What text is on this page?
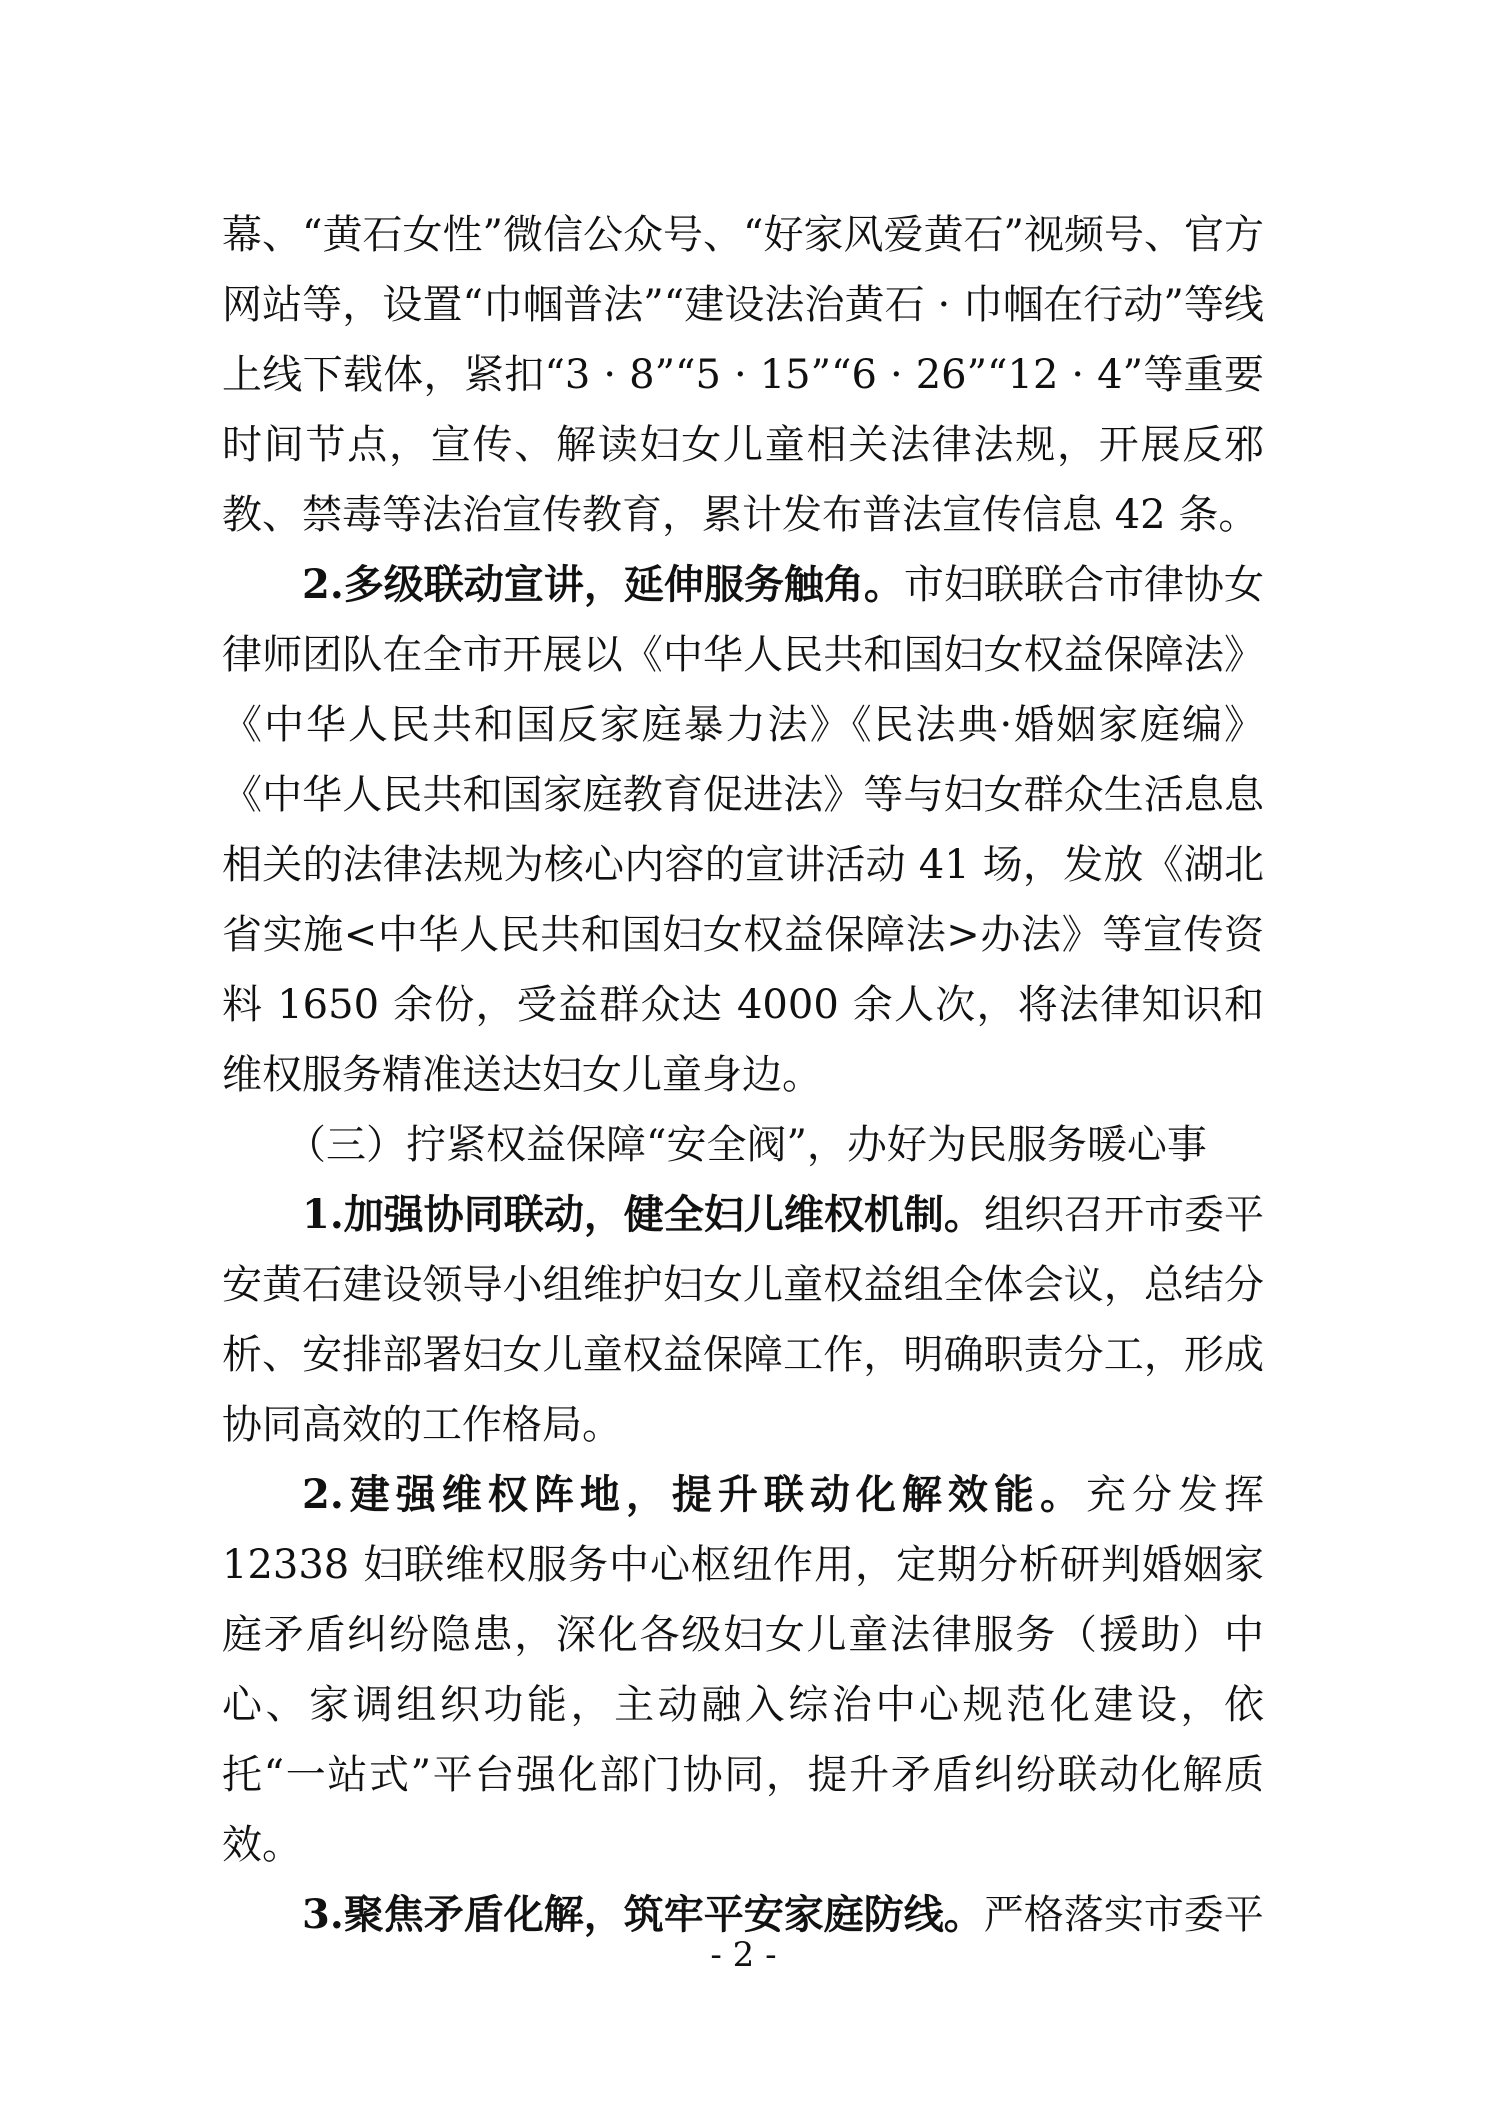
幕、“黄石女性”微信公众号、“好家风爱黄石”视频号、官方网站等，设置“巾帼普法”“建设法治黄石 · 巾帼在行动”等线上线下载体，紧扣“3 · 8”“5 · 15”“6 · 26”“12 · 4”等重要时间节点，宣传、解读妇女儿童相关法律法规，开展反邪教、禁毒等法治宣传教育，累计发布普法宣传信息 42 条。

2.多级联动宣讲，延伸服务触角。市妇联联合市律协女律师团队在全市开展以《中华人民共和国妇女权益保障法》《中华人民共和国反家庭暴力法》《民法典·婚姻家庭编》《中华人民共和国家庭教育促进法》等与妇女群众生活息息相关的法律法规为核心内容的宣讲活动 41 场，发放《湖北省实施<中华人民共和国妇女权益保障法>办法》等宣传资料 1650 余份，受益群众达 4000 余人次，将法律知识和维权服务精准送达妇女儿童身边。

（三）拧紧权益保障“安全阀”，办好为民服务暖心事

1.加强协同联动，健全妇儿维权机制。组织召开市委平安黄石建设领导小组维护妇女儿童权益组全体会议，总结分析、安排部署妇女儿童权益保障工作，明确职责分工，形成协同高效的工作格局。

2.建强维权阵地，提升联动化解效能。充分发挥 12338 妇联维权服务中心枢纽作用，定期分析研判婚姻家庭矛盾纠纷隐患，深化各级妇女儿童法律服务（援助）中心、家调组织功能，主动融入综治中心规范化建设，依托“一站式”平台强化部门协同，提升矛盾纠纷联动化解质效。

3.聚焦矛盾化解，筑牢平安家庭防线。严格落实市委平

- 2 -
